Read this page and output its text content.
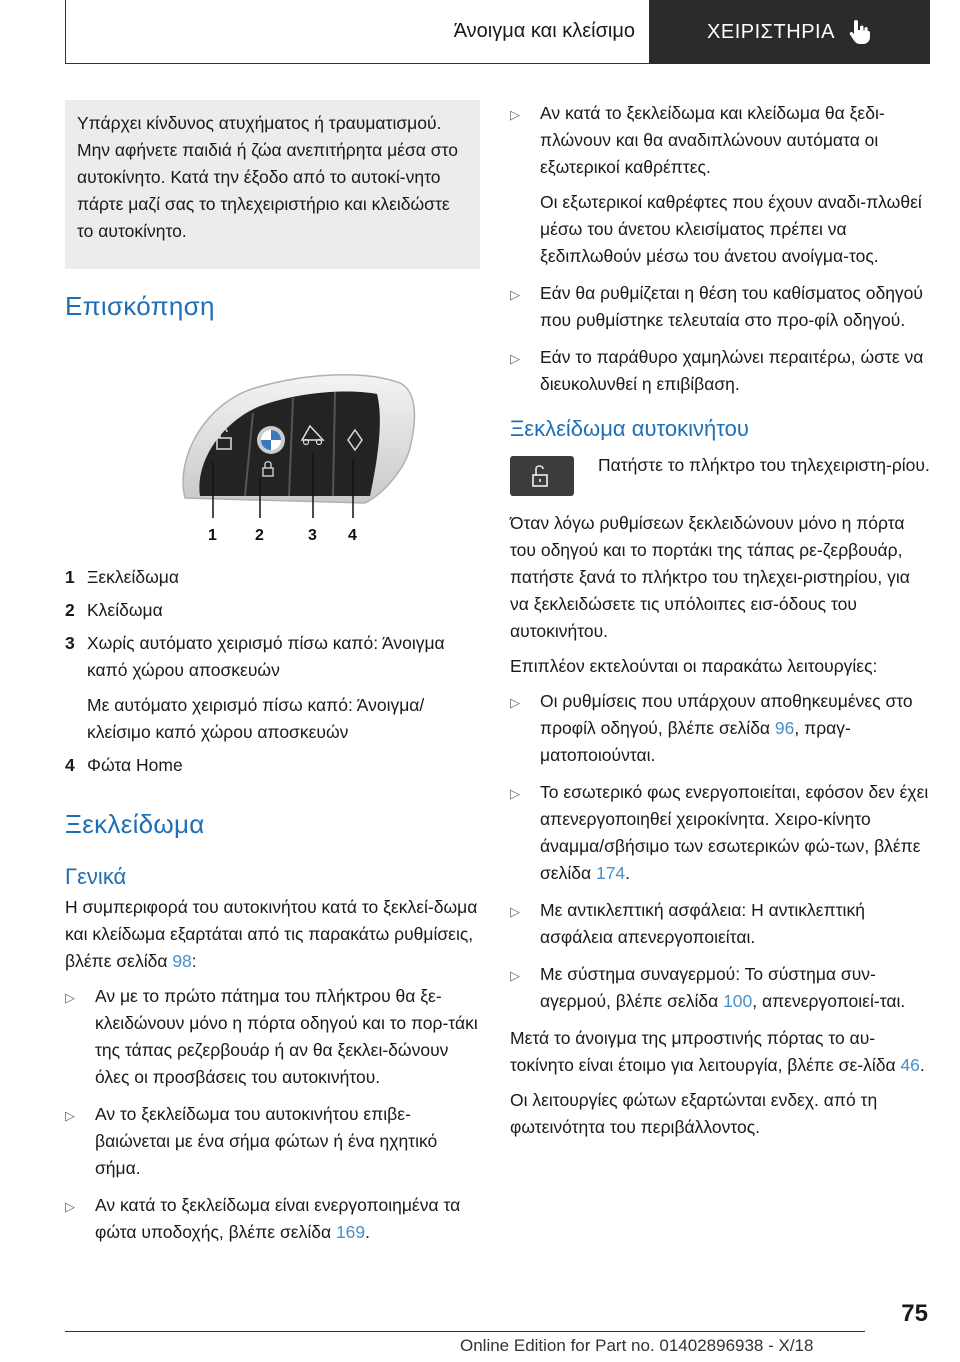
Άνοιγμα και κλείσιμο	ΧΕΙΡΙΣΤΗΡΙΑ

Υπάρχει κίνδυνος ατυχήματος ή τραυματισμού. Μην αφήνετε παιδιά ή ζώα ανεπιτήρητα μέσα στο αυτοκίνητο. Κατά την έξοδο από το αυτοκί-νητο πάρτε μαζί σας το τηλεχειριστήριο και κλειδώστε το αυτοκίνητο.

Επισκόπηση
1 2	3 4
1 Ξεκλείδωμα
2 Κλείδωμα
3 Χωρίς αυτόματο χειρισμό πίσω καπό: Άνοιγμα καπό χώρου αποσκευών

Με αυτόματο χειρισμό πίσω καπό: Άνοιγμα/ κλείσιμο καπό χώρου αποσκευών

4 Φώτα Home
Ξεκλείδωμα
Γενικά

Η συμπεριφορά του αυτοκινήτου κατά το ξεκλεί-δωμα και κλείδωμα εξαρτάται από τις παρακάτω ρυθμίσεις, βλέπε σελίδα 98:

▷	Αν με το πρώτο πάτημα του πλήκτρου θα ξε-κλειδώνουν μόνο η πόρτα οδηγού και το πορ-τάκι της τάπας ρεζερβουάρ ή αν θα ξεκλει-δώνουν όλες οι προσβάσεις του αυτοκινήτου.
▷	Αν το ξεκλείδωμα του αυτοκινήτου επιβε-βαιώνεται με ένα σήμα φώτων ή ένα ηχητικό σήμα.
▷	Αν κατά το ξεκλείδωμα είναι ενεργοποιημένα τα φώτα υποδοχής, βλέπε σελίδα 169.
▷	Αν κατά το ξεκλείδωμα και κλείδωμα θα ξεδι-πλώνουν και θα αναδιπλώνουν αυτόματα οι εξωτερικοί καθρέπτες.

Οι εξωτερικοί καθρέφτες που έχουν αναδι-πλωθεί μέσω του άνετου κλεισίματος πρέπει να ξεδιπλωθούν μέσω του άνετου ανοίγμα-τος.

▷	Εάν θα ρυθμίζεται η θέση του καθίσματος οδηγού που ρυθμίστηκε τελευταία στο προ-φίλ οδηγού.
▷	Εάν το παράθυρο χαμηλώνει περαιτέρω, ώστε να διευκολυνθεί η επιβίβαση.
Ξεκλείδωμα αυτοκινήτου

Πατήστε το πλήκτρο του τηλεχειριστη-ρίου.

Όταν λόγω ρυθμίσεων ξεκλειδώνουν μόνο η πόρτα του οδηγού και το πορτάκι της τάπας ρε-ζερβουάρ, πατήστε ξανά το πλήκτρο του τηλεχει-ριστηρίου, για να ξεκλειδώσετε τις υπόλοιπες εισ-όδους του αυτοκινήτου.

Επιπλέον εκτελούνται οι παρακάτω λειτουργίες:

▷	Οι ρυθμίσεις που υπάρχουν αποθηκευμένες στο προφίλ οδηγού, βλέπε σελίδα 96, πραγ-ματοποιούνται.
▷	Το εσωτερικό φως ενεργοποιείται, εφόσον δεν έχει απενεργοποιηθεί χειροκίνητα. Χειρο-κίνητο άναμμα/σβήσιμο των εσωτερικών φώ-των, βλέπε σελίδα 174.
▷	Με αντικλεπτική ασφάλεια: Η αντικλεπτική ασφάλεια απενεργοποιείται.
▷	Με σύστημα συναγερμού: Το σύστημα συν-αγερμού, βλέπε σελίδα 100, απενεργοποιεί-ται.

Μετά το άνοιγμα της μπροστινής πόρτας το αυ-τοκίνητο είναι έτοιμο για λειτουργία, βλέπε σε-λίδα 46.

Οι λειτουργίες φώτων εξαρτώνται ενδεχ. από τη φωτεινότητα του περιβάλλοντος.

75
Online Edition for Part no. 01402896938 - X/18
